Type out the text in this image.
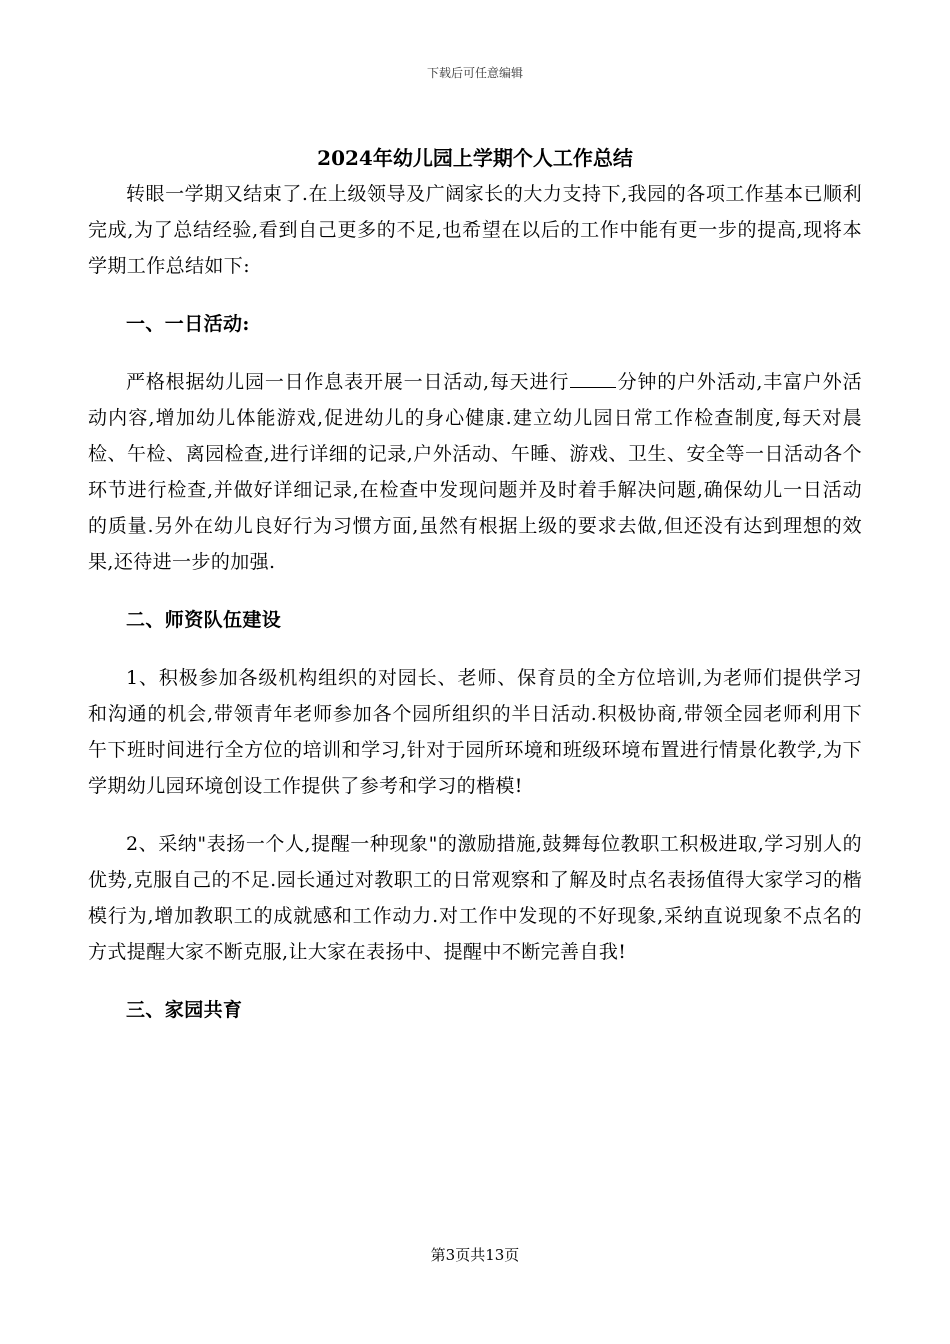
下载后可任意编辑
2024年幼儿园上学期个人工作总结

转眼一学期又结束了.在上级领导及广阔家长的大力支持下,我园的各项工作基本已顺利完成,为了总结经验,看到自己更多的不足,也希望在以后的工作中能有更一步的提高,现将本学期工作总结如下:

一、一日活动:

严格根据幼儿园一日作息表开展一日活动,每天进行	分钟的户外活动,丰富户外活动内容,增加幼儿体能游戏,促进幼儿的身心健康.建立幼儿园日常工作检查制度,每天对晨检、午检、离园检查,进行详细的记录,户外活动、午睡、游戏、卫生、安全等一日活动各个环节进行检查,并做好详细记录,在检查中发现问题并及时着手解决问题,确保幼儿一日活动的质量.另外在幼儿良好行为习惯方面,虽然有根据上级的要求去做,但还没有达到理想的效果,还待进一步的加强.

二、师资队伍建设

1、积极参加各级机构组织的对园长、老师、保育员的全方位培训,为老师们提供学习和沟通的机会,带领青年老师参加各个园所组织的半日活动.积极协商,带领全园老师利用下午下班时间进行全方位的培训和学习,针对于园所环境和班级环境布置进行情景化教学,为下学期幼儿园环境创设工作提供了参考和学习的楷模!

2、采纳"表扬一个人,提醒一种现象"的激励措施,鼓舞每位教职工积极进取,学习别人的优势,克服自己的不足.园长通过对教职工的日常观察和了解及时点名表扬值得大家学习的楷模行为,增加教职工的成就感和工作动力.对工作中发现的不好现象,采纳直说现象不点名的方式提醒大家不断克服,让大家在表扬中、提醒中不断完善自我!

三、家园共育

第3页共13页
